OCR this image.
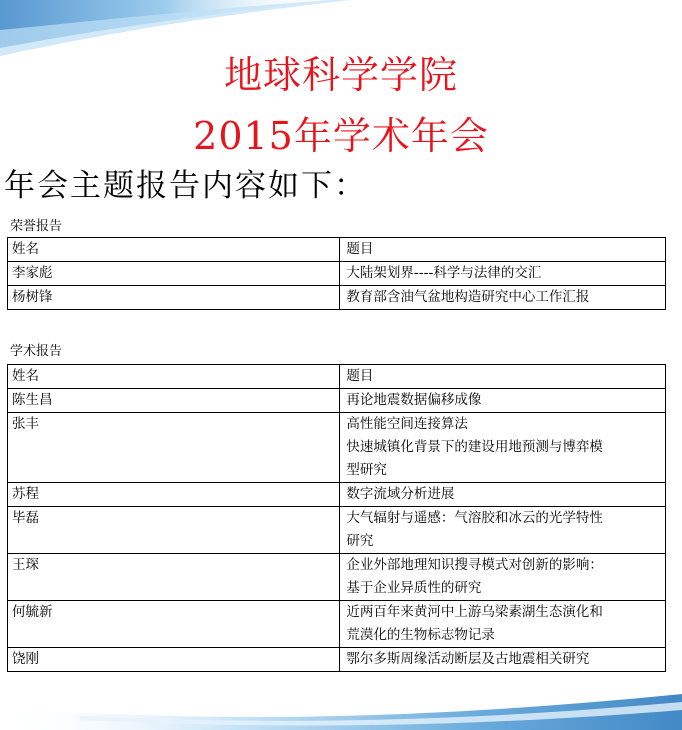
地球科学学院
2015年学术年会
年会主题报告内容如下：
荣誉报告
姓名	题目
李家彪	大陆架划界----科学与法律的交汇

杨树锋	教育部含油气盆地构造研究中心工作汇报
学术报告
姓名	题目
陈生昌	再论地震数据偏移成像

张丰	高性能空间连接算法
快速城镇化背景下的建设用地预测与博弈模
型研究

苏程	数字流域分析进展

毕磊	大气辐射与遥感：气溶胶和冰云的光学特性
研究

王琛	企业外部地理知识搜寻模式对创新的影响：
基于企业异质性的研究

何毓新	近两百年来黄河中上游乌梁素湖生态演化和
荒漠化的生物标志物记录

饶刚	鄂尔多斯周缘活动断层及古地震相关研究
